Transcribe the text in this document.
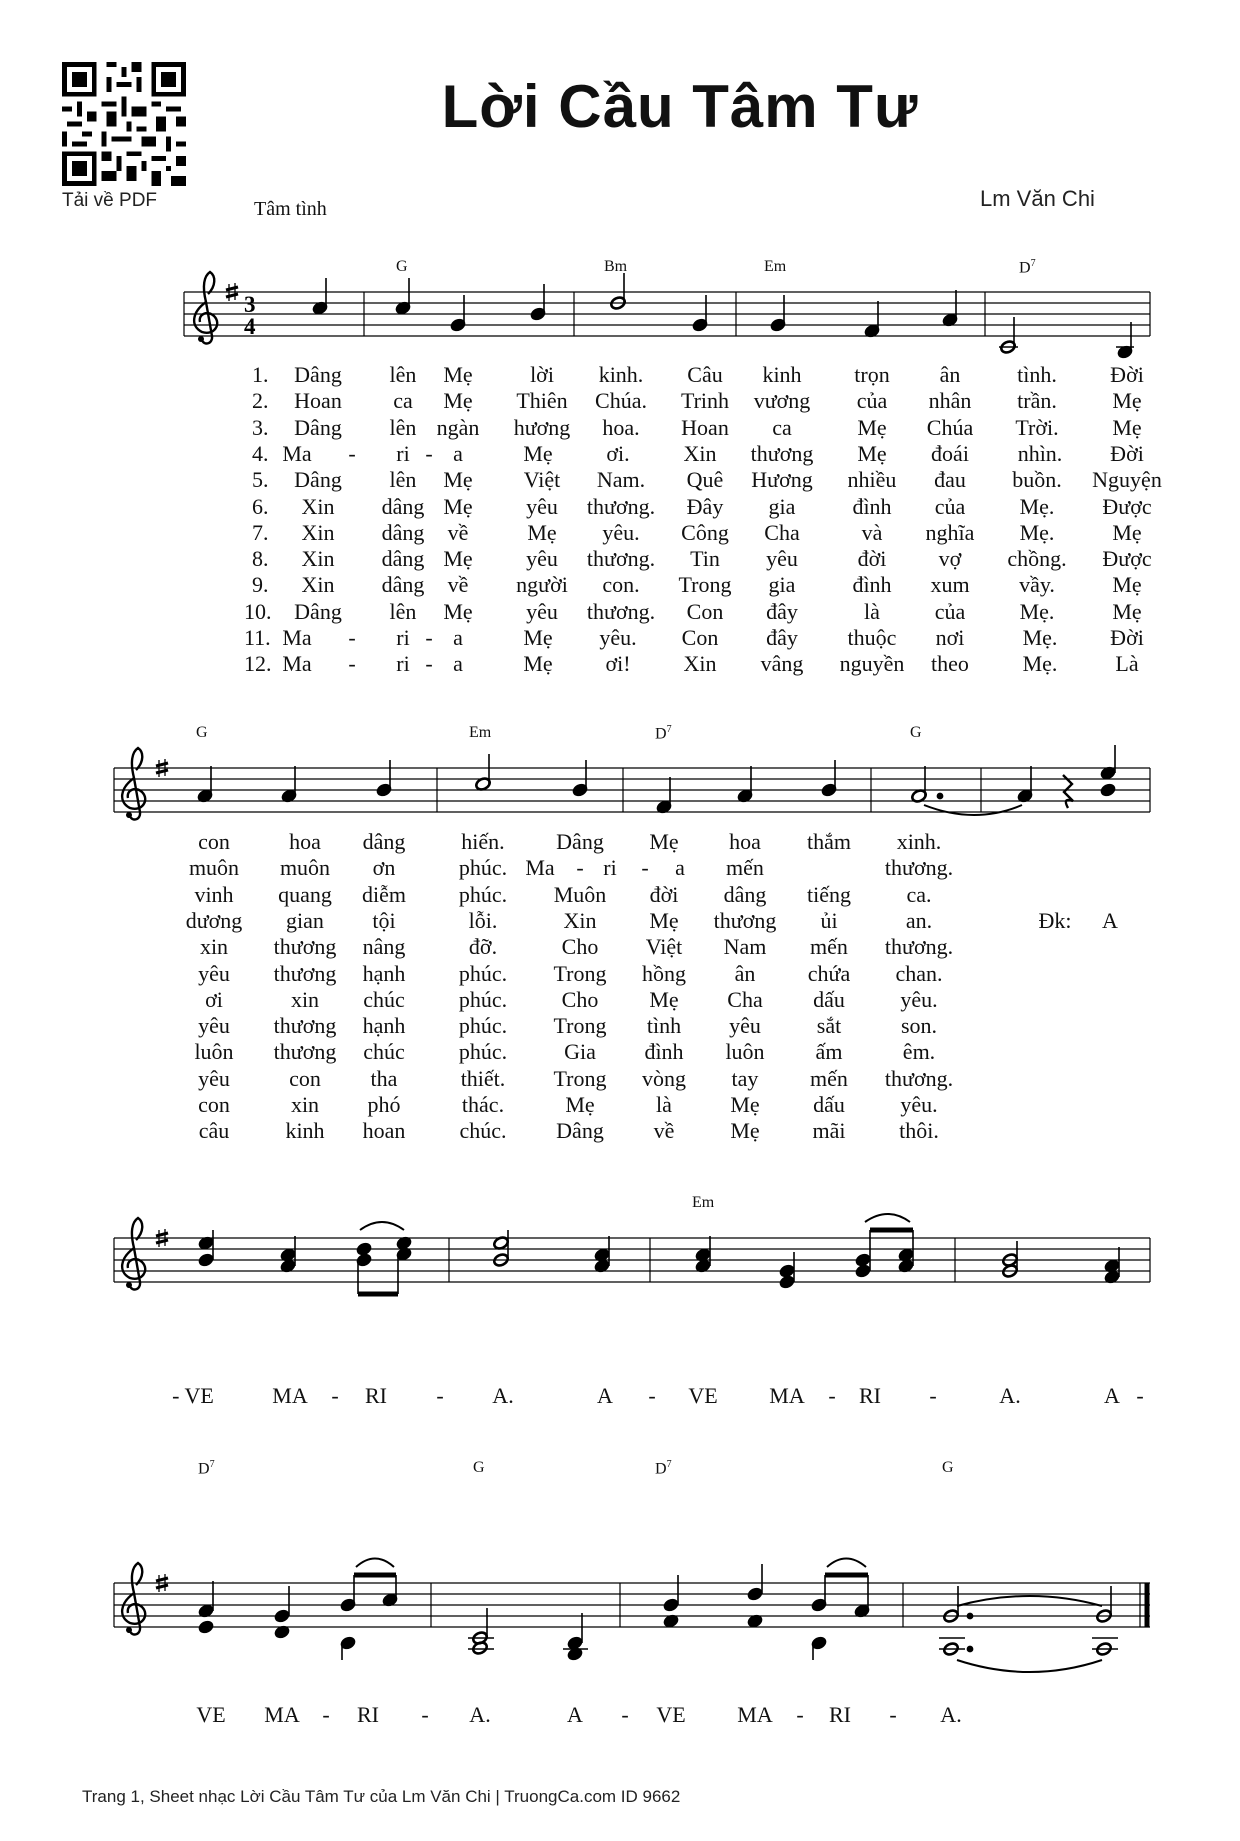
Tải về PDF
Lời Cầu Tâm Tư
Tâm tình	Lm Văn Chi
3
4
G	Bm	Em	$D^7$
G	Em	$D^7$	G
Em
$D^7$	G	$D^7$	G
1. Dâng lên Mẹ	lời kinh. Câu kinh trọn ân	tình. Đời
2. Hoan ca Mẹ Thiên Chúa. Trinh vương của nhân trần.	Mẹ
3. Dâng lên ngàn hương hoa. Hoan ca	Mẹ Chúa Trời. Mẹ
4. Ma - ri - a	Mẹ ơi. Xin thương Mẹ đoái nhìn. Đời
5. Dâng lên Mẹ Việt Nam. Quê Hương nhiều đau buồn. Nguyện
6. Xin dâng Mẹ yêu thương. Đây gia	đình của Mẹ. Được
7. Xin dâng về	Mẹ yêu. Công Cha	và nghĩa Mẹ.	Mẹ
8. Xin dâng Mẹ yêu thương. Tin yêu	đời vợ chồng. Được
9. Xin dâng về người con. Trong gia	đình xum vầy.	Mẹ
10. Dâng lên Mẹ yêu thương. Con đây	là của Mẹ.	Mẹ
11. Ma - ri - a	Mẹ yêu. Con đây thuộc nơi	Mẹ. Đời
12. Ma - ri - a	Mẹ ơi! Xin vâng nguyền theo Mẹ.	Là
con	hoa dâng	hiến. Dâng Mẹ hoa thắm xinh.
muôn muôn ơn	phúc. Ma - ri - a mến	thương.
vinh quang diễm phúc. Muôn đời dâng tiếng	ca.
dương gian tội	lỗi.	Xin Mẹ thương ủi	an.	Đk: A
xin thương nâng	đỡ.	Cho Việt Nam mến thương.
yêu thương hạnh phúc. Trong hồng ân chứa chan.
ơi	xin chúc phúc. Cho Mẹ Cha dấu	yêu.
yêu thương hạnh phúc. Trong tình yêu	sắt	son.
luôn thương chúc phúc.	Gia đình luôn ấm	êm.
yêu	con tha	thiết. Trong vòng tay mến thương.
con	xin phó	thác.	Mẹ	là	Mẹ dấu	yêu.
câu	kinh hoan chúc. Dâng về	Mẹ mãi thôi.
- VE	MA - RI - A.	A - VE MA - RI -	A.	A -
VE MA - RI - A.	A - VE MA - RI - A.
Trang 1, Sheet nhạc Lời Cầu Tâm Tư của Lm Văn Chi | TruongCa.com ID 9662
